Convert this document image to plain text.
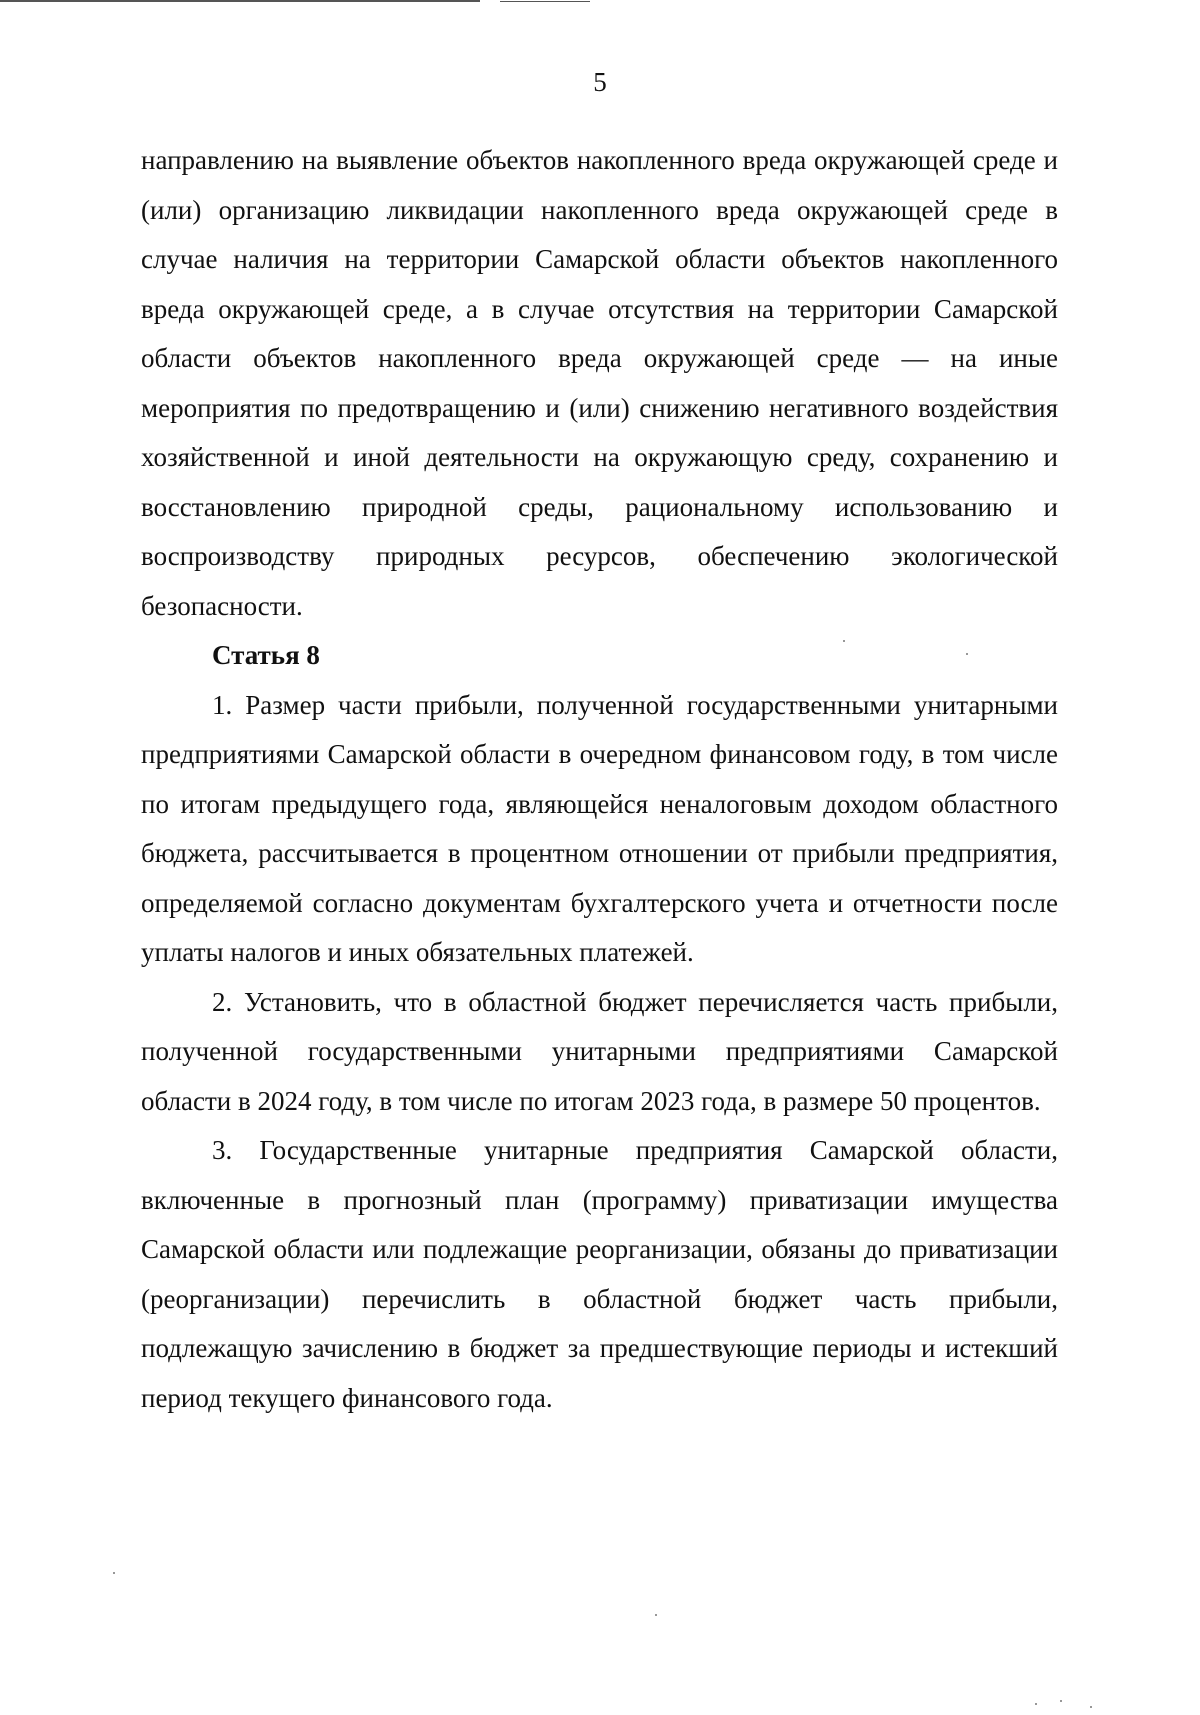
5

направлению на выявление объектов накопленного вреда окружающей среде и (или) организацию ликвидации накопленного вреда окружающей среде в случае наличия на территории Самарской области объектов накопленного вреда окружающей среде, а в случае отсутствия на территории Самарской области объектов накопленного вреда окружающей среде — на иные мероприятия по предотвращению и (или) снижению негативного воздействия хозяйственной и иной деятельности на окружающую среду, сохранению и восстановлению природной среды, рациональному использованию и воспроизводству природных ресурсов, обеспечению экологической безопасности.

Статья 8

1. Размер части прибыли, полученной государственными унитарными предприятиями Самарской области в очередном финансовом году, в том числе по итогам предыдущего года, являющейся неналоговым доходом областного бюджета, рассчитывается в процентном отношении от прибыли предприятия, определяемой согласно документам бухгалтерского учета и отчетности после уплаты налогов и иных обязательных платежей.

2. Установить, что в областной бюджет перечисляется часть прибыли, полученной государственными унитарными предприятиями Самарской области в 2024 году, в том числе по итогам 2023 года, в размере 50 процентов.

3. Государственные унитарные предприятия Самарской области, включенные в прогнозный план (программу) приватизации имущества Самарской области или подлежащие реорганизации, обязаны до приватизации (реорганизации) перечислить в областной бюджет часть прибыли, подлежащую зачислению в бюджет за предшествующие периоды и истекший период текущего финансового года.
